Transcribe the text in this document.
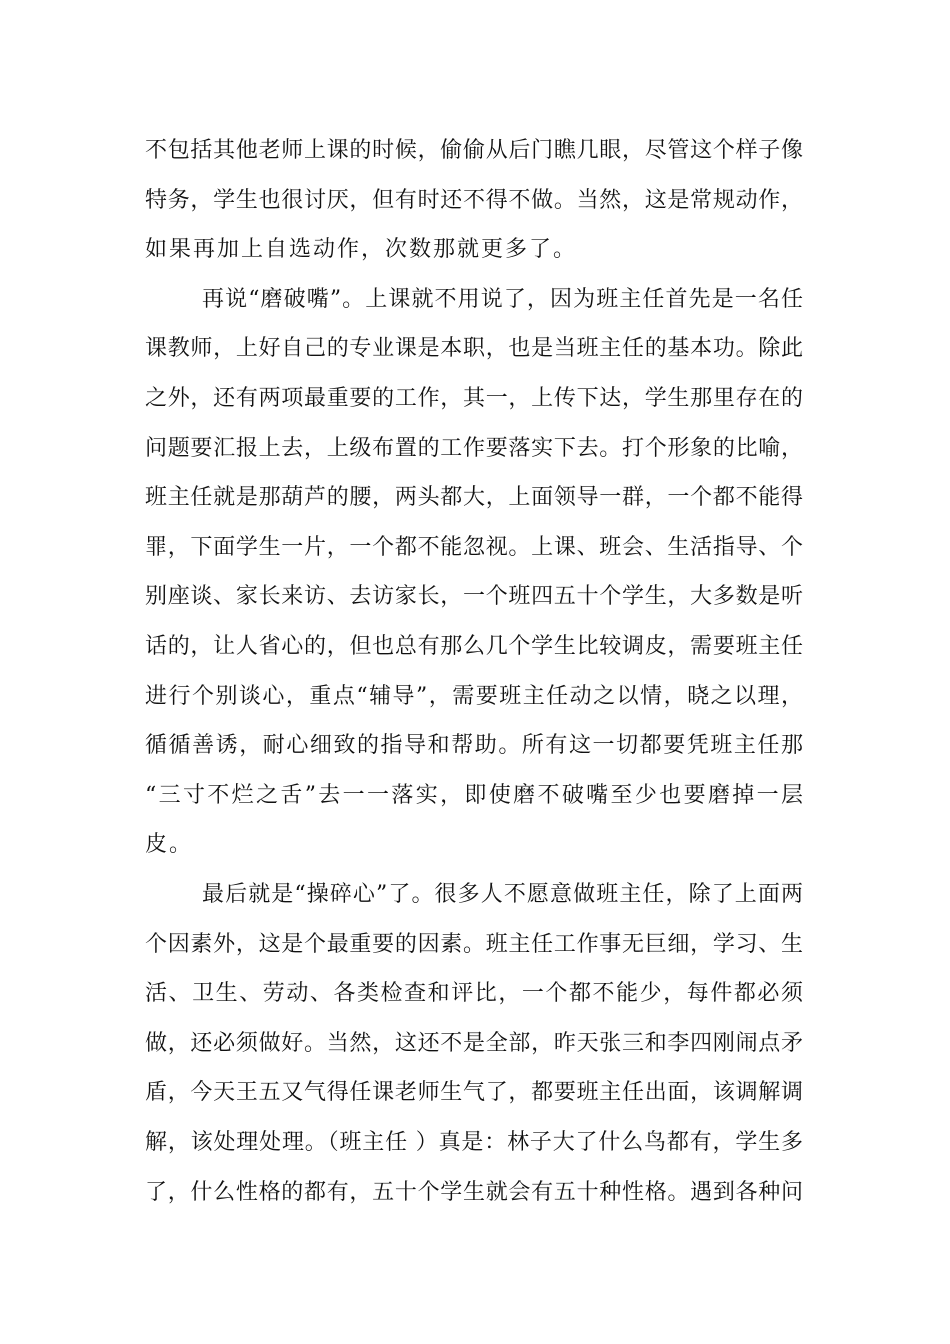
不包括其他老师上课的时候，偷偷从后门瞧几眼，尽管这个样子像
特务，学生也很讨厌，但有时还不得不做。当然，这是常规动作，
如果再加上自选动作，次数那就更多了。
再说“磨破嘴”。上课就不用说了，因为班主任首先是一名任
课教师，上好自己的专业课是本职，也是当班主任的基本功。除此
之外，还有两项最重要的工作，其一，上传下达，学生那里存在的
问题要汇报上去，上级布置的工作要落实下去。打个形象的比喻，
班主任就是那葫芦的腰，两头都大，上面领导一群，一个都不能得
罪，下面学生一片，一个都不能忽视。上课、班会、生活指导、个
别座谈、家长来访、去访家长，一个班四五十个学生，大多数是听
话的，让人省心的，但也总有那么几个学生比较调皮，需要班主任
进行个别谈心，重点“辅导”，需要班主任动之以情，晓之以理，
循循善诱，耐心细致的指导和帮助。所有这一切都要凭班主任那
“三寸不烂之舌”去一一落实，即使磨不破嘴至少也要磨掉一层
皮。
最后就是“操碎心”了。很多人不愿意做班主任，除了上面两
个因素外，这是个最重要的因素。班主任工作事无巨细，学习、生
活、卫生、劳动、各类检查和评比，一个都不能少，每件都必须
做，还必须做好。当然，这还不是全部，昨天张三和李四刚闹点矛
盾，今天王五又气得任课老师生气了，都要班主任出面，该调解调
解，该处理处理。（班主任 ）真是：林子大了什么鸟都有，学生多
了，什么性格的都有，五十个学生就会有五十种性格。遇到各种问
